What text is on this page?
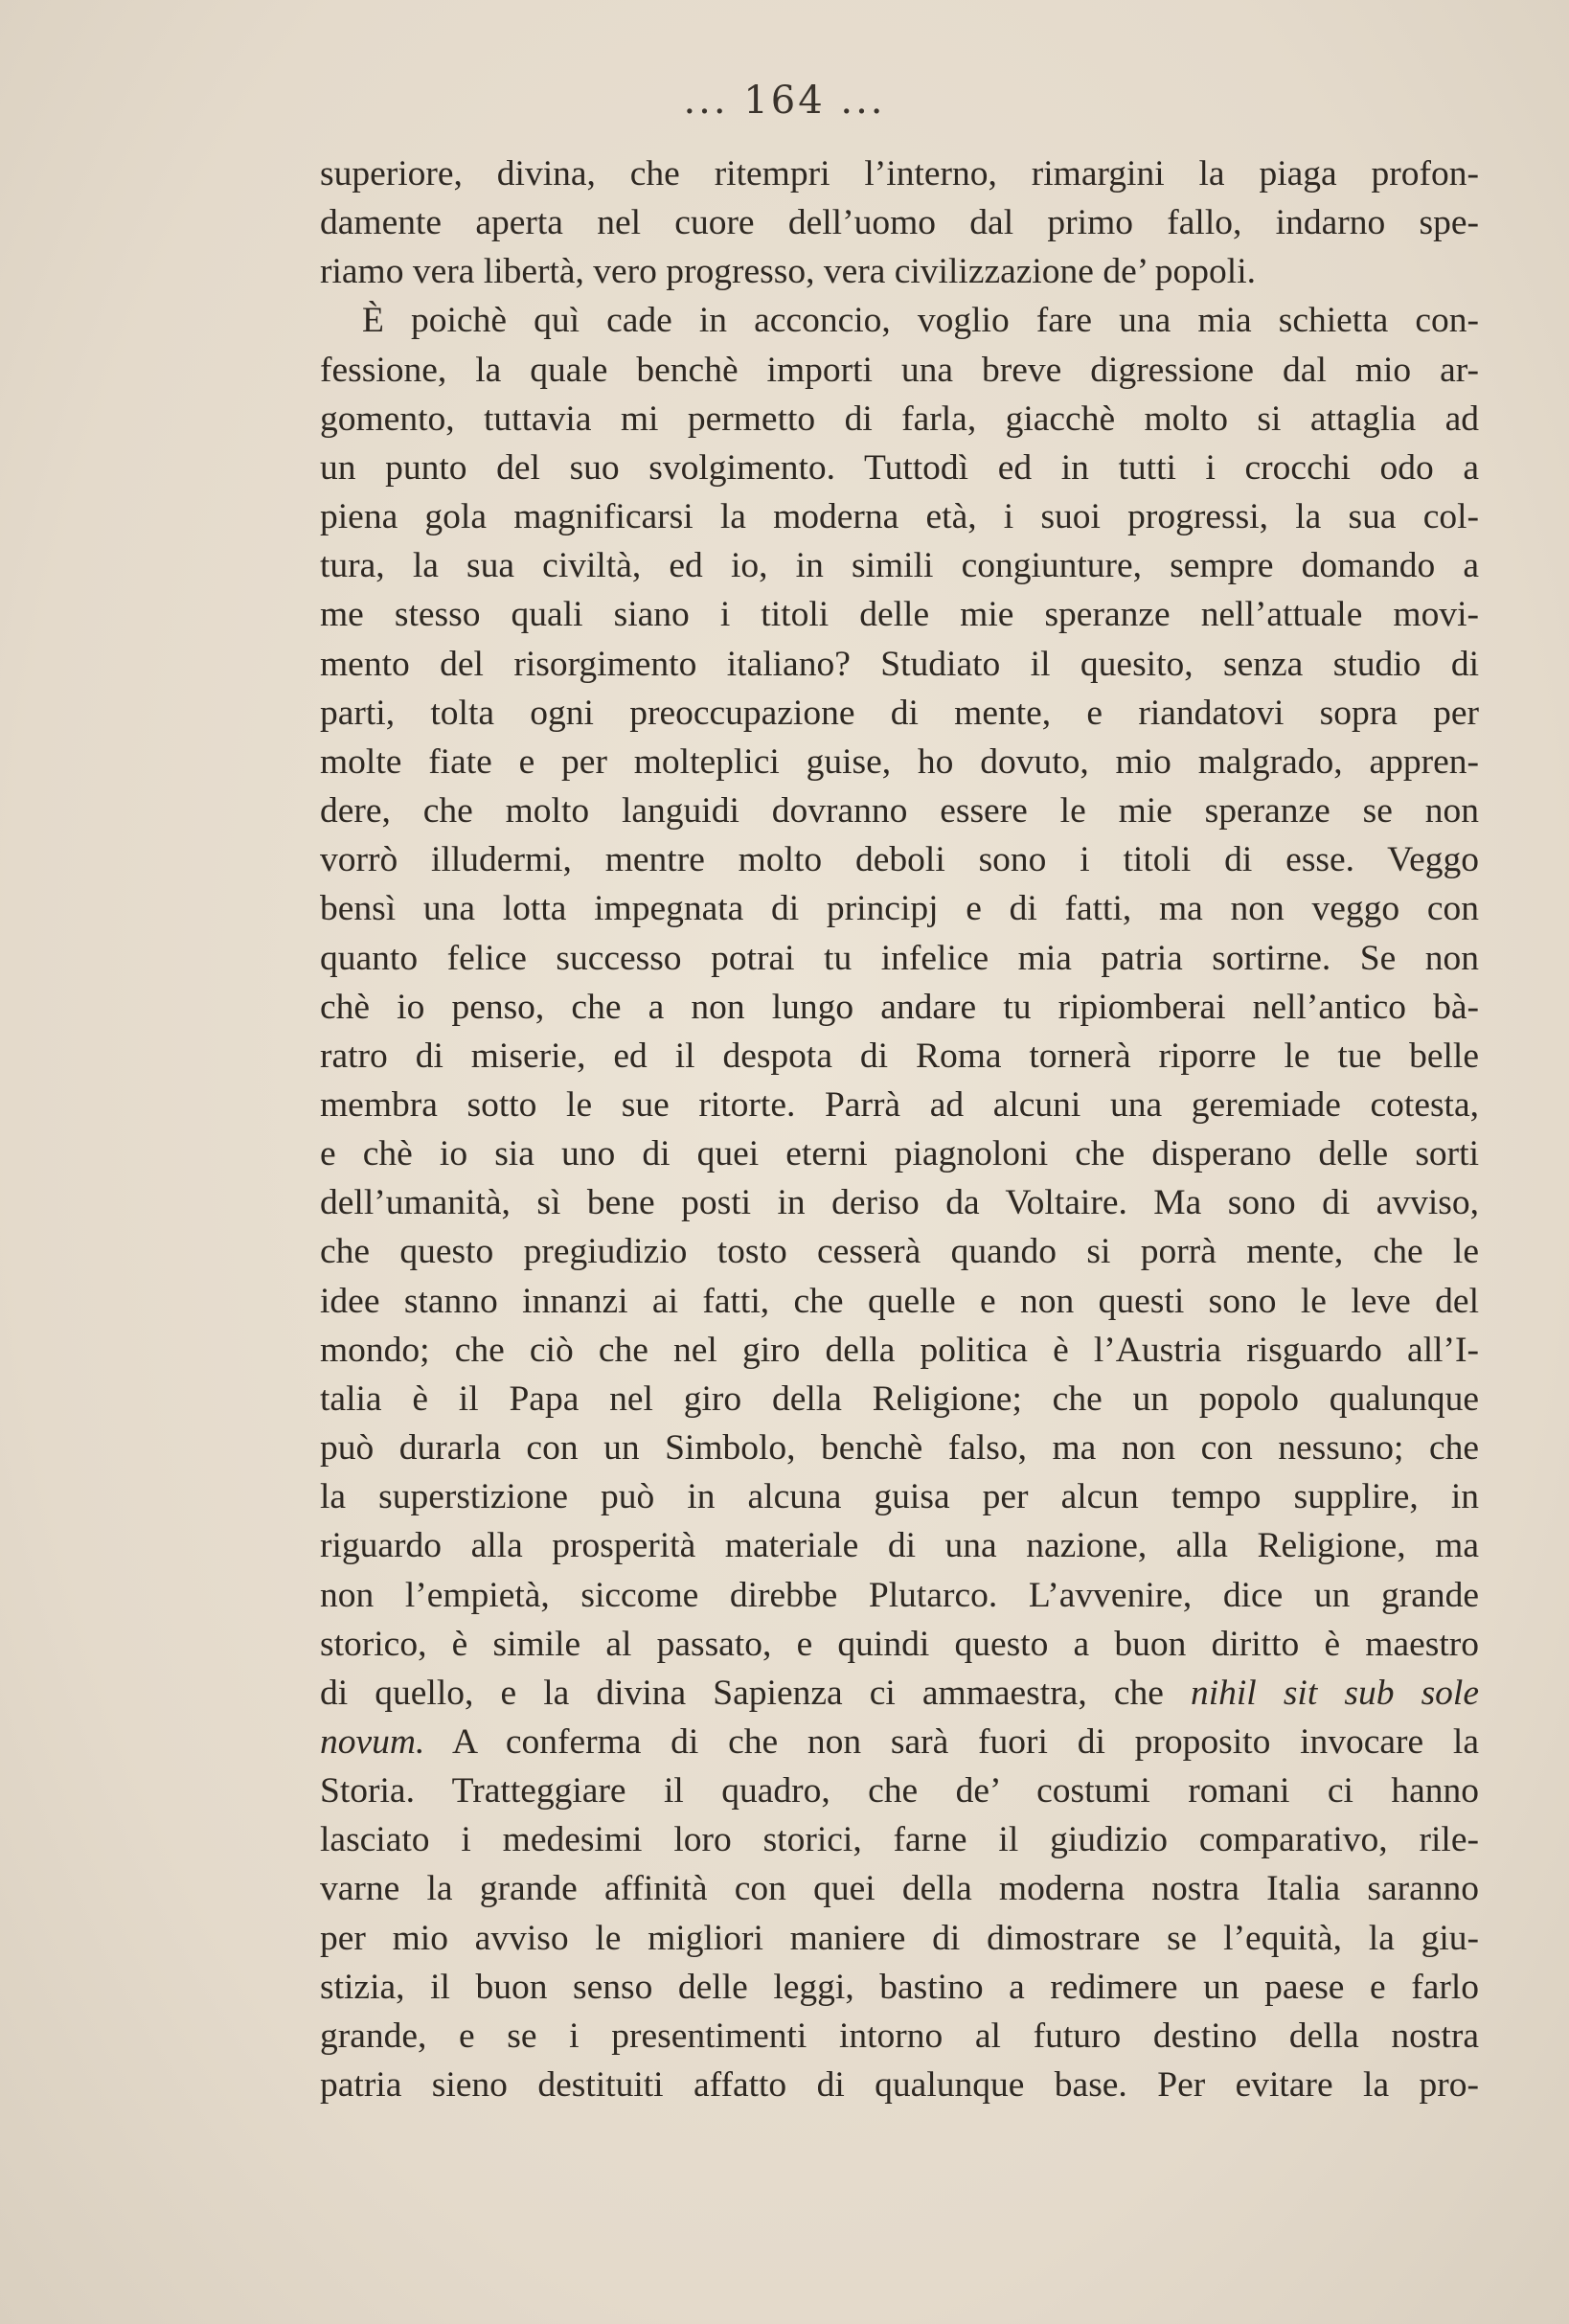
... 164 ...
superiore, divina, che ritempri l’interno, rimargini la piaga profon-
damente aperta nel cuore dell’uomo dal primo fallo, indarno spe-
riamo vera libertà, vero progresso, vera civilizzazione de’ popoli.
È poichè quì cade in acconcio, voglio fare una mia schietta con-
fessione, la quale benchè importi una breve digressione dal mio ar-
gomento, tuttavia mi permetto di farla, giacchè molto si attaglia ad
un punto del suo svolgimento. Tuttodì ed in tutti i crocchi odo a
piena gola magnificarsi la moderna età, i suoi progressi, la sua col-
tura, la sua civiltà, ed io, in simili congiunture, sempre domando a
me stesso quali siano i titoli delle mie speranze nell’attuale movi-
mento del risorgimento italiano? Studiato il quesito, senza studio di
parti, tolta ogni preoccupazione di mente, e riandatovi sopra per
molte fiate e per molteplici guise, ho dovuto, mio malgrado, appren-
dere, che molto languidi dovranno essere le mie speranze se non
vorrò illudermi, mentre molto deboli sono i titoli di esse. Veggo
bensì una lotta impegnata di principj e di fatti, ma non veggo con
quanto felice successo potrai tu infelice mia patria sortirne. Se non
chè io penso, che a non lungo andare tu ripiomberai nell’antico bà-
ratro di miserie, ed il despota di Roma tornerà riporre le tue belle
membra sotto le sue ritorte. Parrà ad alcuni una geremiade cotesta,
e chè io sia uno di quei eterni piagnoloni che disperano delle sorti
dell’umanità, sì bene posti in deriso da Voltaire. Ma sono di avviso,
che questo pregiudizio tosto cesserà quando si porrà mente, che le
idee stanno innanzi ai fatti, che quelle e non questi sono le leve del
mondo; che ciò che nel giro della politica è l’Austria risguardo all’I-
talia è il Papa nel giro della Religione; che un popolo qualunque
può durarla con un Simbolo, benchè falso, ma non con nessuno; che
la superstizione può in alcuna guisa per alcun tempo supplire, in
riguardo alla prosperità materiale di una nazione, alla Religione, ma
non l’empietà, siccome direbbe Plutarco. L’avvenire, dice un grande
storico, è simile al passato, e quindi questo a buon diritto è maestro
di quello, e la divina Sapienza ci ammaestra, che nihil sit sub sole
novum. A conferma di che non sarà fuori di proposito invocare la
Storia. Tratteggiare il quadro, che de’ costumi romani ci hanno
lasciato i medesimi loro storici, farne il giudizio comparativo, rile-
varne la grande affinità con quei della moderna nostra Italia saranno
per mio avviso le migliori maniere di dimostrare se l’equità, la giu-
stizia, il buon senso delle leggi, bastino a redimere un paese e farlo
grande, e se i presentimenti intorno al futuro destino della nostra
patria sieno destituiti affatto di qualunque base. Per evitare la pro-
